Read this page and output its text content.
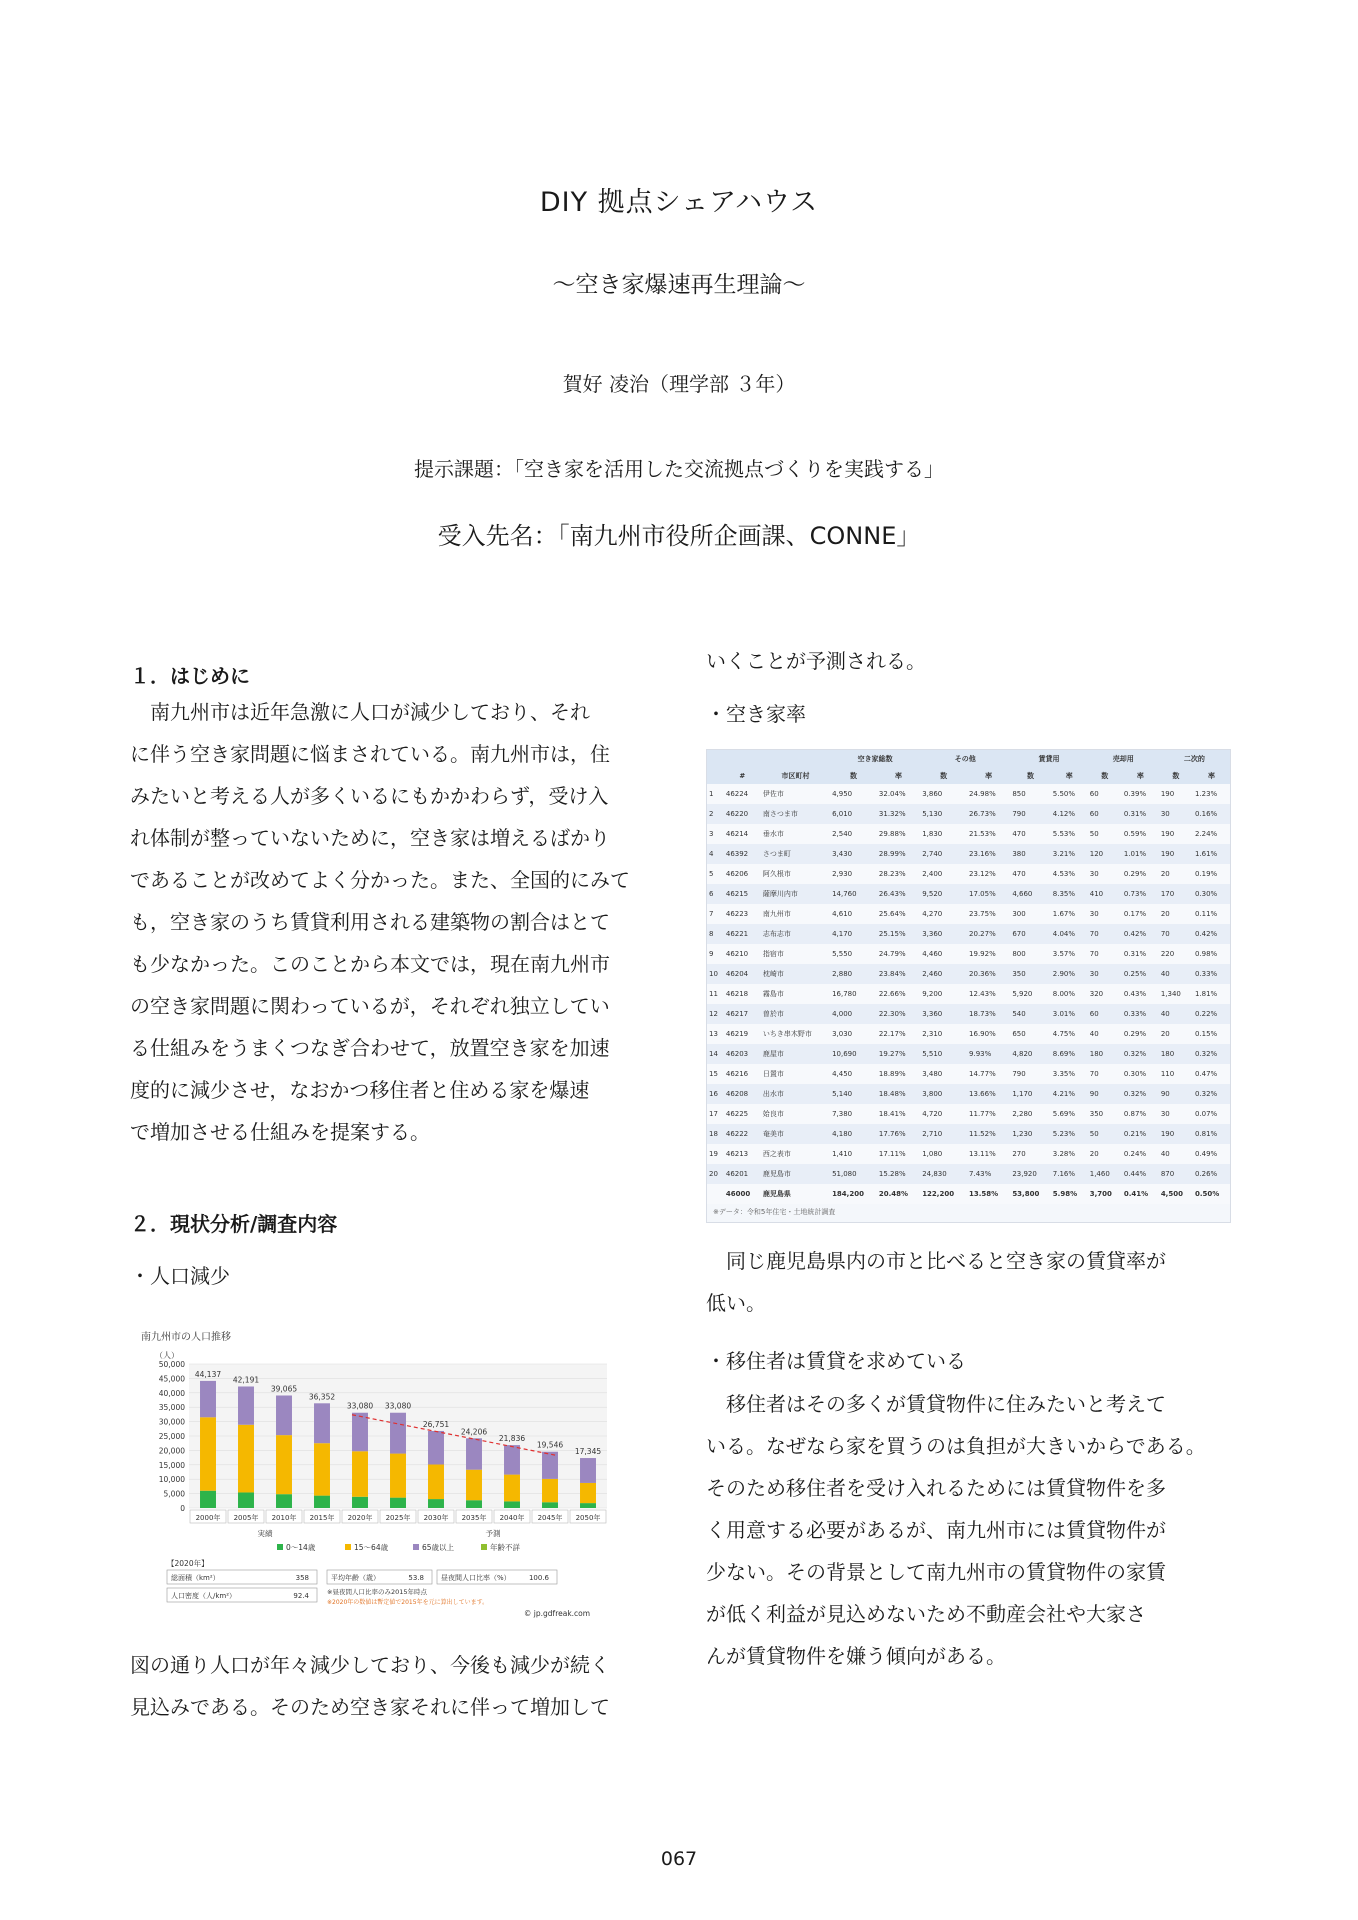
DIY 拠点シェアハウス
～空き家爆速再生理論～
賀好 凌治（理学部 ３年）
提示課題：「空き家を活用した交流拠点づくりを実践する」
受入先名：「南九州市役所企画課、CONNE」
１．はじめに
　南九州市は近年急激に人口が減少しており、それ
に伴う空き家問題に悩まされている。南九州市は，住
みたいと考える人が多くいるにもかかわらず，受け入
れ体制が整っていないために，空き家は増えるばかり
であることが改めてよく分かった。また、全国的にみて
も，空き家のうち賃貸利用される建築物の割合はとて
も少なかった。このことから本文では，現在南九州市
の空き家問題に関わっているが，それぞれ独立してい
る仕組みをうまくつなぎ合わせて，放置空き家を加速
度的に減少させ，なおかつ移住者と住める家を爆速
で増加させる仕組みを提案する。
２．現状分析/調査内容
・人口減少
南九州市の人口推移
（人）
50,000
45,000
40,000
35,000
30,000
25,000
20,000
15,000
10,000
5,000
0
44,137
2000年
42,191
2005年
39,065
2010年
36,352
2015年
33,080
2020年
33,080
2025年
26,751
2030年
24,206
2035年
21,836
2040年
19,546
2045年
17,345
2050年
実績	予測
0〜14歳	15〜64歳	65歳以上	年齢不詳
【2020年】
総面積（km²）	358	平均年齢（歳）	53.8 昼夜間人口比率（%）	100.6
人口密度（人/km²）	92.4	※昼夜間人口比率のみ2015年時点
※2020年の数値は暫定値で2015年を元に算出しています。
© jp.gdfreak.com
図の通り人口が年々減少しており、今後も減少が続く
見込みである。そのため空き家それに伴って増加して
いくことが予測される。
・空き家率
			空き家総数		その他		賃貸用		売却用		二次的	
	#	市区町村	数	率	数	率	数	率	数	率	数	率
1	46224	伊佐市	4,950	32.04%	3,860	24.98%	850	5.50%	60	0.39%	190	1.23%
2	46220	南さつま市	6,010	31.32%	5,130	26.73%	790	4.12%	60	0.31%	30	0.16%
3	46214	垂水市	2,540	29.88%	1,830	21.53%	470	5.53%	50	0.59%	190	2.24%
4	46392	さつま町	3,430	28.99%	2,740	23.16%	380	3.21%	120	1.01%	190	1.61%
5	46206	阿久根市	2,930	28.23%	2,400	23.12%	470	4.53%	30	0.29%	20	0.19%
6	46215	薩摩川内市	14,760	26.43%	9,520	17.05%	4,660	8.35%	410	0.73%	170	0.30%
7	46223	南九州市	4,610	25.64%	4,270	23.75%	300	1.67%	30	0.17%	20	0.11%
8	46221	志布志市	4,170	25.15%	3,360	20.27%	670	4.04%	70	0.42%	70	0.42%
9	46210	指宿市	5,550	24.79%	4,460	19.92%	800	3.57%	70	0.31%	220	0.98%
10	46204	枕崎市	2,880	23.84%	2,460	20.36%	350	2.90%	30	0.25%	40	0.33%
11	46218	霧島市	16,780	22.66%	9,200	12.43%	5,920	8.00%	320	0.43%	1,340	1.81%
12	46217	曽於市	4,000	22.30%	3,360	18.73%	540	3.01%	60	0.33%	40	0.22%
13	46219	いちき串木野市	3,030	22.17%	2,310	16.90%	650	4.75%	40	0.29%	20	0.15%
14	46203	鹿屋市	10,690	19.27%	5,510	9.93%	4,820	8.69%	180	0.32%	180	0.32%
15	46216	日置市	4,450	18.89%	3,480	14.77%	790	3.35%	70	0.30%	110	0.47%
16	46208	出水市	5,140	18.48%	3,800	13.66%	1,170	4.21%	90	0.32%	90	0.32%
17	46225	姶良市	7,380	18.41%	4,720	11.77%	2,280	5.69%	350	0.87%	30	0.07%
18	46222	奄美市	4,180	17.76%	2,710	11.52%	1,230	5.23%	50	0.21%	190	0.81%
19	46213	西之表市	1,410	17.11%	1,080	13.11%	270	3.28%	20	0.24%	40	0.49%
20	46201	鹿児島市	51,080	15.28%	24,830	7.43%	23,920	7.16%	1,460	0.44%	870	0.26%
	46000	鹿児島県	184,200	20.48%	122,200	13.58%	53,800	5.98%	3,700	0.41%	4,500	0.50%
※データ：令和5年住宅・土地統計調査
　同じ鹿児島県内の市と比べると空き家の賃貸率が
低い。
・移住者は賃貸を求めている
　移住者はその多くが賃貸物件に住みたいと考えて
いる。なぜなら家を買うのは負担が大きいからである。
そのため移住者を受け入れるためには賃貸物件を多
く用意する必要があるが、南九州市には賃貸物件が
少ない。その背景として南九州市の賃貸物件の家賃
が低く利益が見込めないため不動産会社や大家さ
んが賃貸物件を嫌う傾向がある。
067
